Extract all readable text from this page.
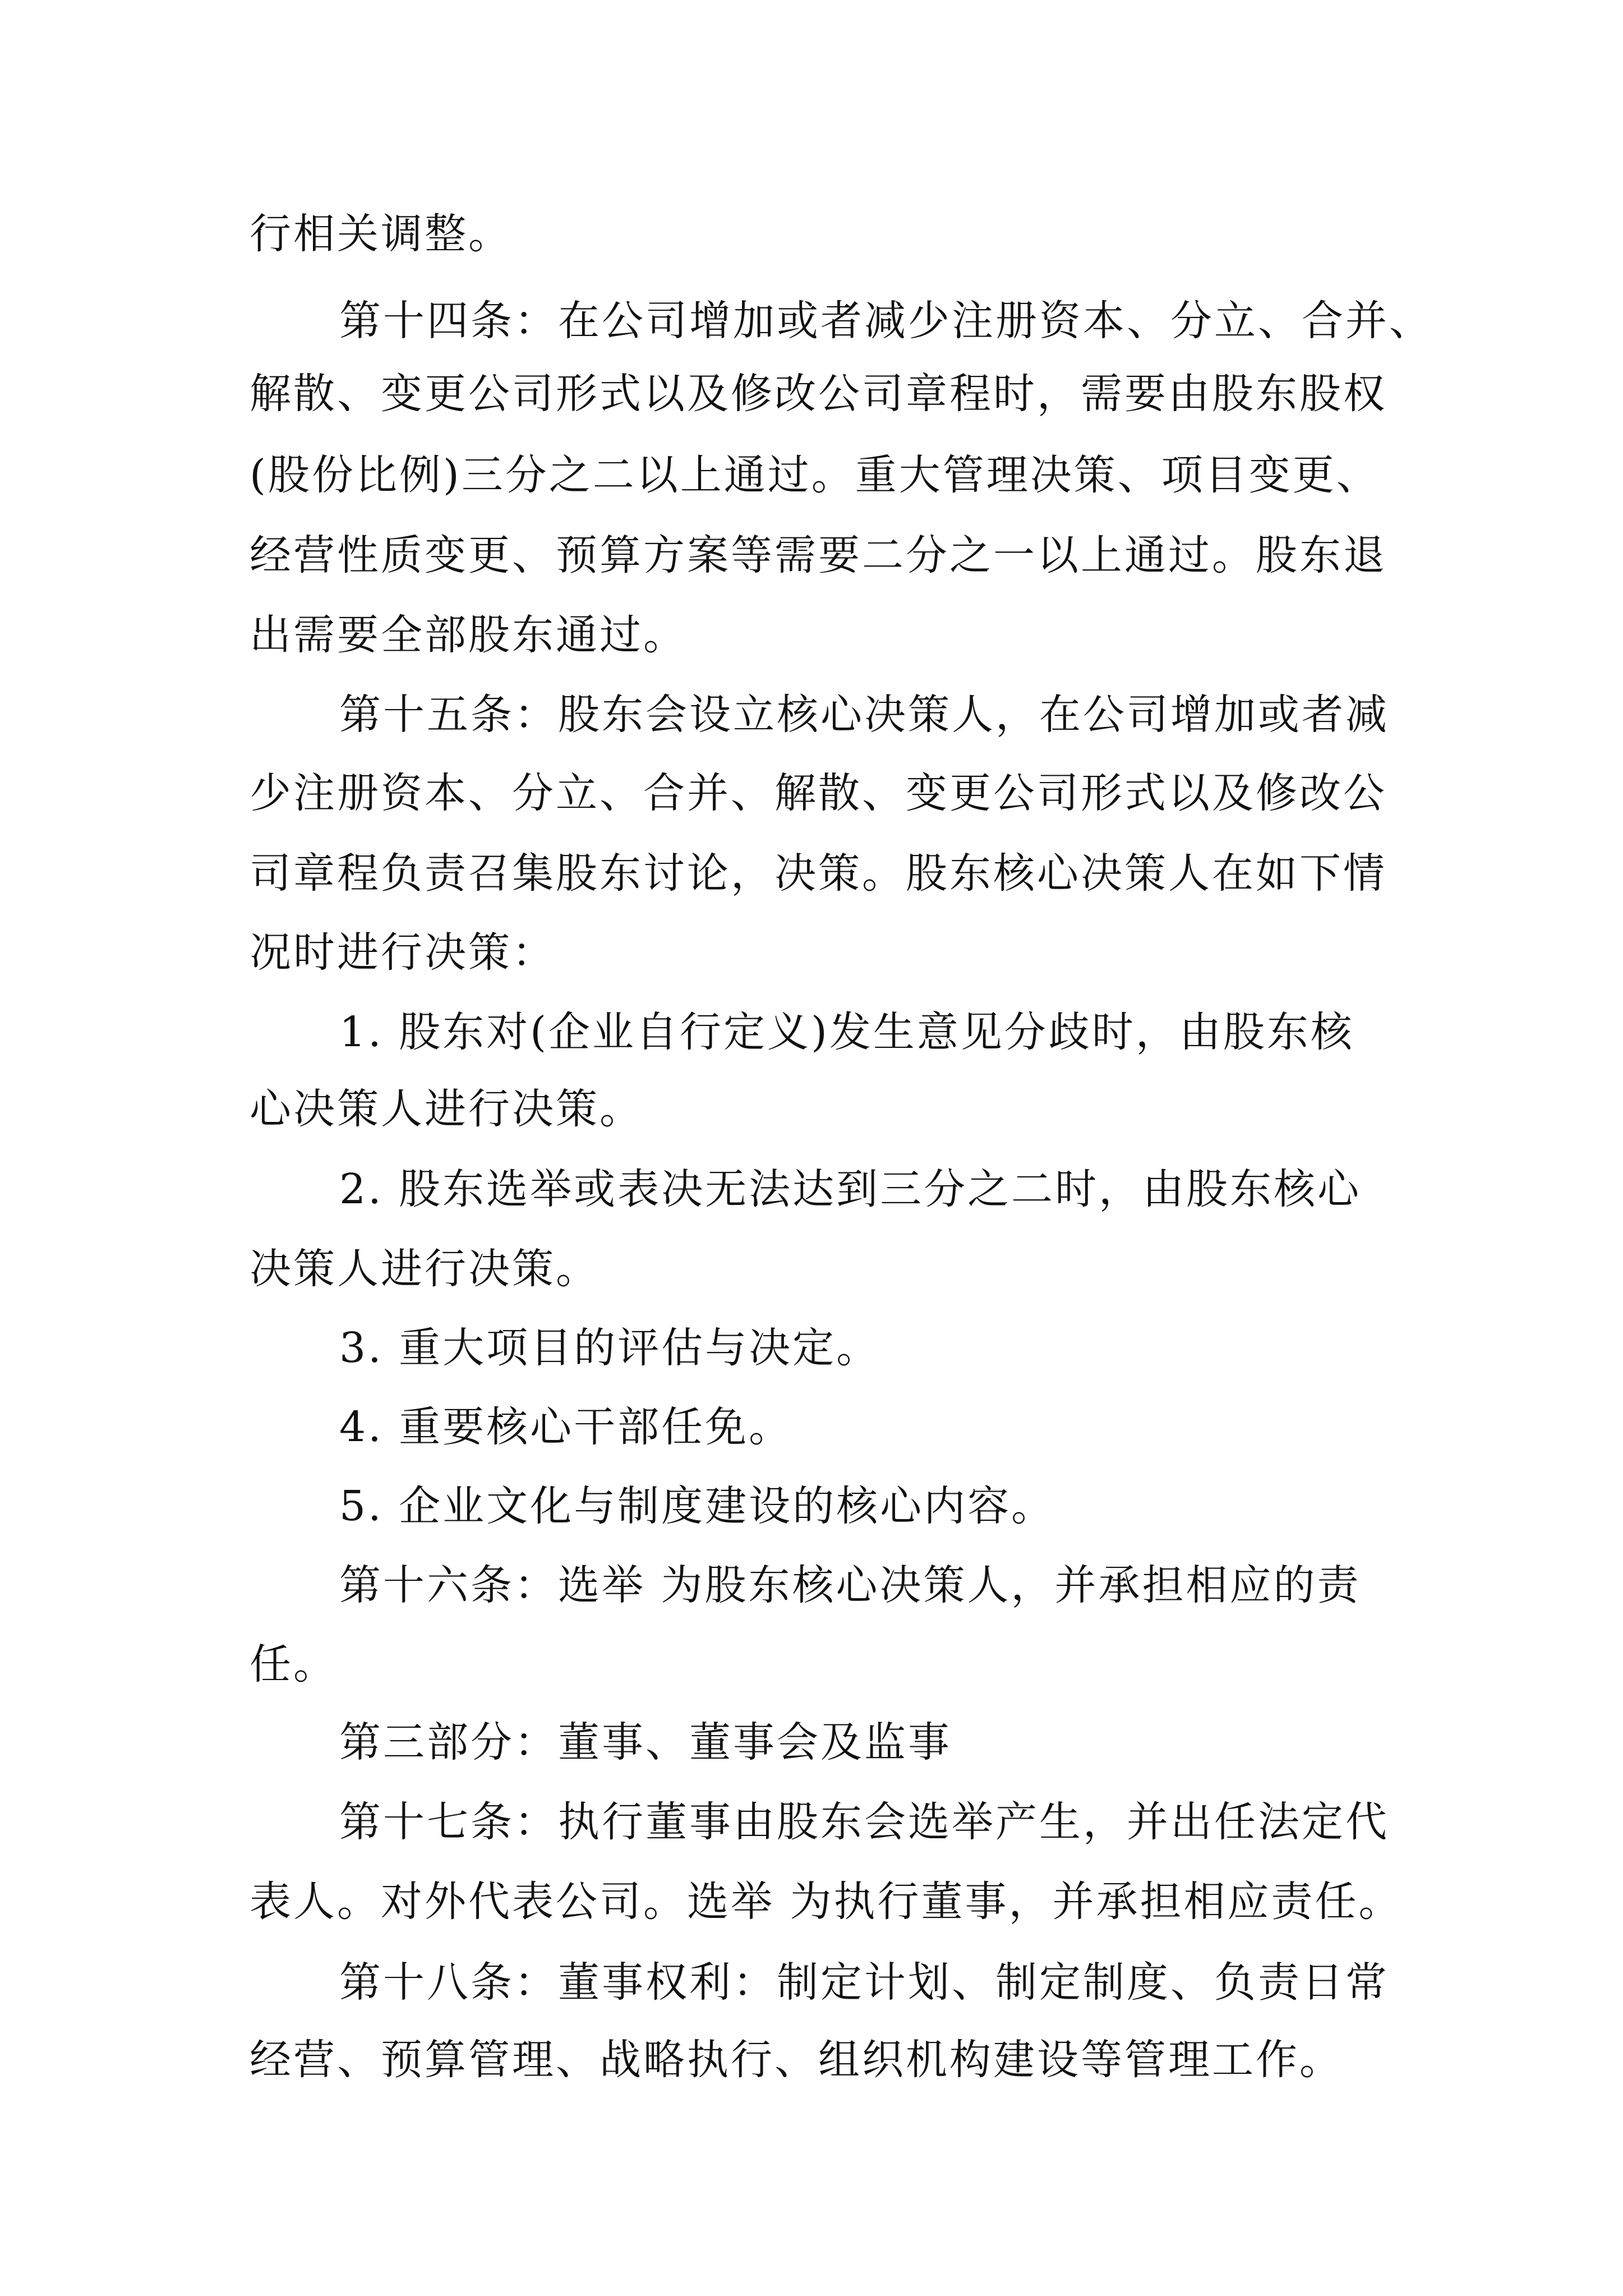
行相关调整。
第十四条：在公司增加或者减少注册资本、分立、合并、
解散、变更公司形式以及修改公司章程时，需要由股东股权
(股份比例)三分之二以上通过。重大管理决策、项目变更、
经营性质变更、预算方案等需要二分之一以上通过。股东退
出需要全部股东通过。
第十五条：股东会设立核心决策人，在公司增加或者减
少注册资本、分立、合并、解散、变更公司形式以及修改公
司章程负责召集股东讨论，决策。股东核心决策人在如下情
况时进行决策：
1. 股东对(企业自行定义)发生意见分歧时，由股东核
心决策人进行决策。
2. 股东选举或表决无法达到三分之二时，由股东核心
决策人进行决策。
3. 重大项目的评估与决定。
4. 重要核心干部任免。
5. 企业文化与制度建设的核心内容。
第十六条：选举 为股东核心决策人，并承担相应的责
任。
第三部分：董事、董事会及监事
第十七条：执行董事由股东会选举产生，并出任法定代
表人。对外代表公司。选举 为执行董事，并承担相应责任。
第十八条：董事权利：制定计划、制定制度、负责日常
经营、预算管理、战略执行、组织机构建设等管理工作。
